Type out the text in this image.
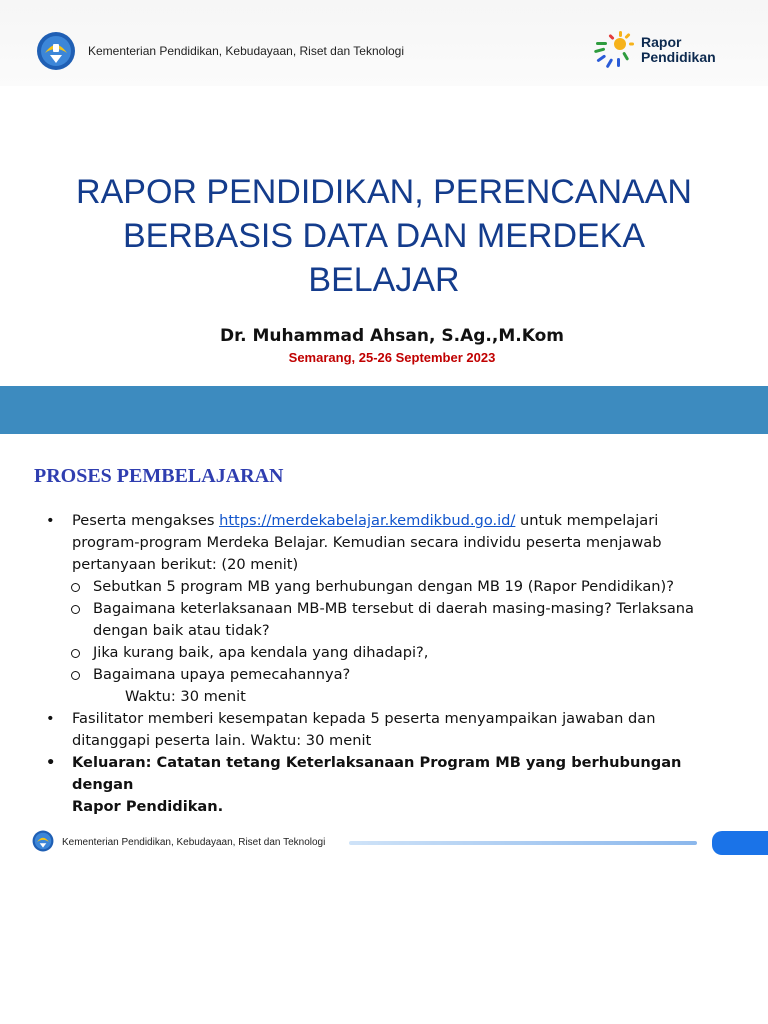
Kementerian Pendidikan, Kebudayaan, Riset dan Teknologi
Rapor
Pendidikan
RAPOR PENDIDIKAN, PERENCANAAN
BERBASIS DATA DAN MERDEKA
BELAJAR
Dr. Muhammad Ahsan, S.Ag.,M.Kom
Semarang, 25-26 September 2023
PROSES PEMBELAJARAN
• Peserta mengakses https://merdekabelajar.kemdikbud.go.id/ untuk mempelajari
program-program Merdeka Belajar. Kemudian secara individu peserta menjawab
pertanyaan berikut: (20 menit)
Sebutkan 5 program MB yang berhubungan dengan MB 19 (Rapor Pendidikan)?
Bagaimana keterlaksanaan MB-MB tersebut di daerah masing-masing? Terlaksana
dengan baik atau tidak?
Jika kurang baik, apa kendala yang dihadapi?,
Bagaimana upaya pemecahannya?
Waktu: 30 menit
• Fasilitator memberi kesempatan kepada 5 peserta menyampaikan jawaban dan
ditanggapi peserta lain. Waktu: 30 menit
• Keluaran: Catatan tetang Keterlaksanaan Program MB yang berhubungan dengan
Rapor Pendidikan.
Kementerian Pendidikan, Kebudayaan, Riset dan Teknologi
